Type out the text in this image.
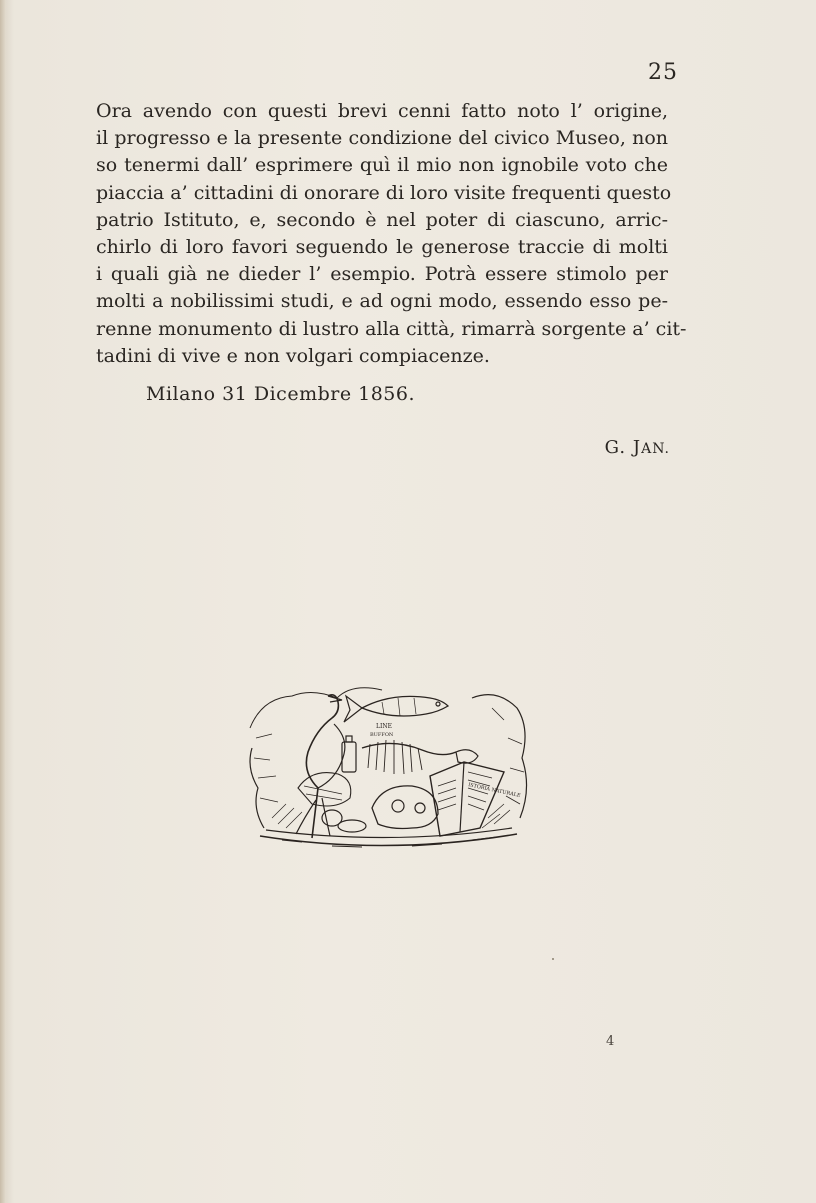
25
Ora avendo con questi brevi cenni fatto noto l’ origine,
il progresso e la presente condizione del civico Museo, non
so tenermi dall’ esprimere quì il mio non ignobile voto che
piaccia a’ cittadini di onorare di loro visite frequenti questo
patrio Istituto, e, secondo è nel poter di ciascuno, arric-
chirlo di loro favori seguendo le generose traccie di molti
i quali già ne dieder l’ esempio. Potrà essere stimolo per
molti a nobilissimi studi, e ad ogni modo, essendo esso pe-
renne monumento di lustro alla città, rimarrà sorgente a’ cit-
tadini di vive e non volgari compiacenze.
Milano 31 Dicembre 1856.
G. JAN.
LINE
BUFFON
ISTORIA NATURALE
4
